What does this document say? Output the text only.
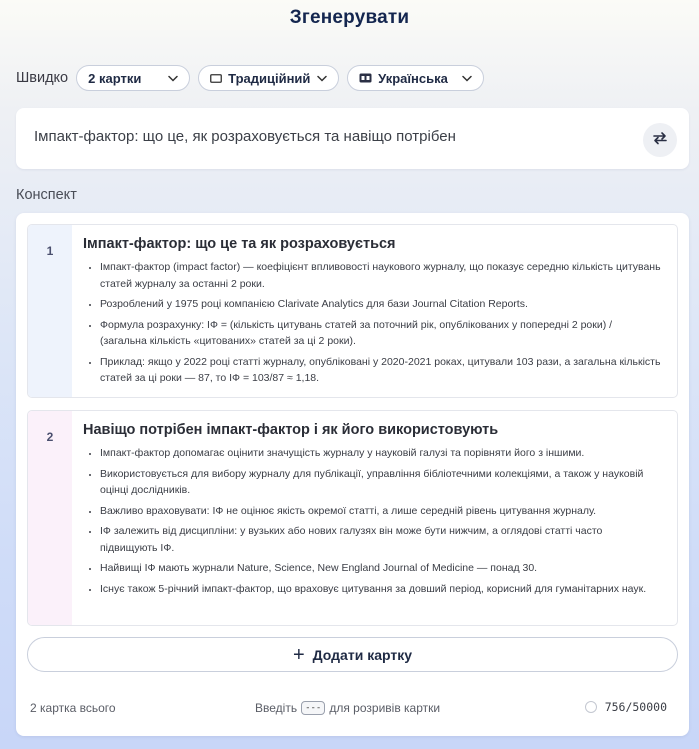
Згенерувати
Швидко 2 картки	Традиційний	Українська
Імпакт-фактор: що це, як розраховується та навіщо потрібен
Конспект
1	Імпакт-фактор: що це та як розраховується
• Імпакт-фактор (impact factor) — коефіцієнт впливовості наукового журналу, що показує середню кількість цитувань статей журналу за останні 2 роки.
• Розроблений у 1975 році компанією Clarivate Analytics для бази Journal Citation Reports.
• Формула розрахунку: IФ = (кількість цитувань статей за поточний рік, опублікованих у попередні 2 роки) / (загальна кількість «цитованих» статей за ці 2 роки).
• Приклад: якщо у 2022 році статті журналу, опубліковані у 2020-2021 роках, цитували 103 рази, а загальна кількість статей за ці роки — 87, то IФ = 103/87 ≈ 1,18.
2	Навіщо потрібен імпакт-фактор і як його використовують
• Імпакт-фактор допомагає оцінити значущість журналу у науковій галузі та порівняти його з іншими.
• Використовується для вибору журналу для публікації, управління бібліотечними колекціями, а також у науковій оцінці дослідників.
• Важливо враховувати: IФ не оцінює якість окремої статті, а лише середній рівень цитування журналу.
• IФ залежить від дисципліни: у вузьких або нових галузях він може бути нижчим, а оглядові статті часто підвищують IФ.
• Найвищі IФ мають журнали Nature, Science, New England Journal of Medicine — понад 30.
• Існує також 5-річний імпакт-фактор, що враховує цитування за довший період, корисний для гуманітарних наук.
+ Додати картку
2 картка всього	Введіть --- для розривів картки	756/50000
